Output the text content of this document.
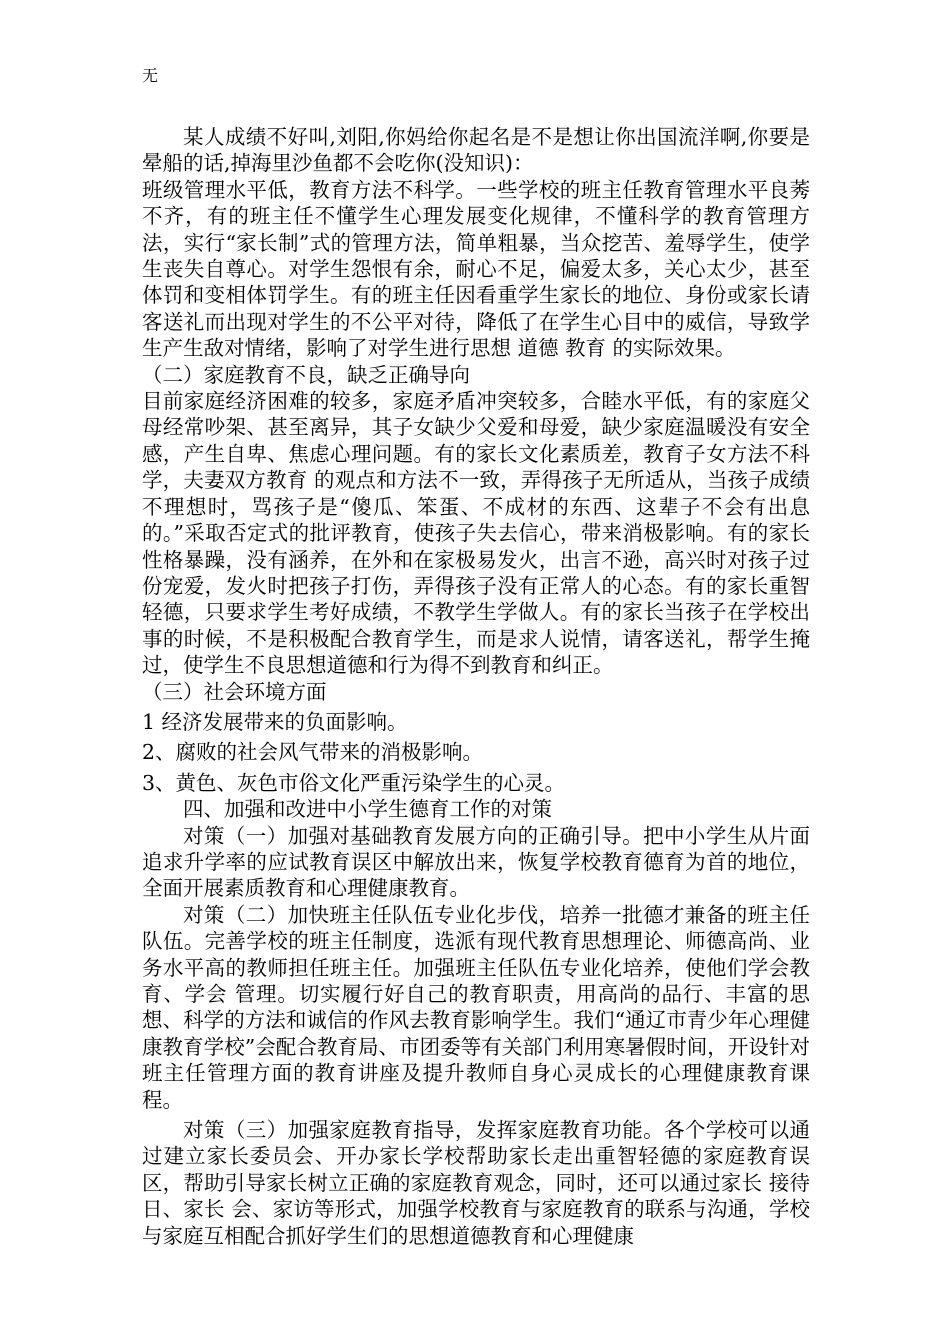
无

某人成绩不好叫,刘阳,你妈给你起名是不是想让你出国流洋啊,你要是晕船的话,掉海里沙鱼都不会吃你(没知识)：

班级管理水平低，教育方法不科学。一些学校的班主任教育管理水平良莠不齐，有的班主任不懂学生心理发展变化规律，不懂科学的教育管理方法，实行“家长制”式的管理方法，简单粗暴，当众挖苦、羞辱学生，使学生丧失自尊心。对学生怨恨有余，耐心不足，偏爱太多，关心太少，甚至体罚和变相体罚学生。有的班主任因看重学生家长的地位、身份或家长请客送礼而出现对学生的不公平对待，降低了在学生心目中的威信，导致学生产生敌对情绪，影响了对学生进行思想 道德 教育 的实际效果。

（二）家庭教育不良，缺乏正确导向

目前家庭经济困难的较多，家庭矛盾冲突较多，合睦水平低，有的家庭父母经常吵架、甚至离异，其子女缺少父爱和母爱，缺少家庭温暖没有安全感，产生自卑、焦虑心理问题。有的家长文化素质差，教育子女方法不科学，夫妻双方教育 的观点和方法不一致，弄得孩子无所适从，当孩子成绩不理想时，骂孩子是“傻瓜、笨蛋、不成材的东西、这辈子不会有出息的。”采取否定式的批评教育，使孩子失去信心，带来消极影响。有的家长性格暴躁，没有涵养，在外和在家极易发火，出言不逊，高兴时对孩子过份宠爱，发火时把孩子打伤，弄得孩子没有正常人的心态。有的家长重智轻德，只要求学生考好成绩，不教学生学做人。有的家长当孩子在学校出事的时候，不是积极配合教育学生，而是求人说情，请客送礼，帮学生掩过，使学生不良思想道德和行为得不到教育和纠正。

（三）社会环境方面

1 经济发展带来的负面影响。

2、腐败的社会风气带来的消极影响。

3、黄色、灰色市俗文化严重污染学生的心灵。

四、加强和改进中小学生德育工作的对策

对策（一）加强对基础教育发展方向的正确引导。把中小学生从片面追求升学率的应试教育误区中解放出来，恢复学校教育德育为首的地位，全面开展素质教育和心理健康教育。

对策（二）加快班主任队伍专业化步伐，培养一批德才兼备的班主任队伍。完善学校的班主任制度，选派有现代教育思想理论、师德高尚、业务水平高的教师担任班主任。加强班主任队伍专业化培养，使他们学会教育、学会 管理。切实履行好自己的教育职责，用高尚的品行、丰富的思想、科学的方法和诚信的作风去教育影响学生。我们“通辽市青少年心理健康教育学校”会配合教育局、市团委等有关部门利用寒暑假时间，开设针对班主任管理方面的教育讲座及提升教师自身心灵成长的心理健康教育课程。

对策（三）加强家庭教育指导，发挥家庭教育功能。各个学校可以通过建立家长委员会、开办家长学校帮助家长走出重智轻德的家庭教育误区，帮助引导家长树立正确的家庭教育观念，同时，还可以通过家长 接待日、家长 会、家访等形式，加强学校教育与家庭教育的联系与沟通，学校与家庭互相配合抓好学生们的思想道德教育和心理健康
